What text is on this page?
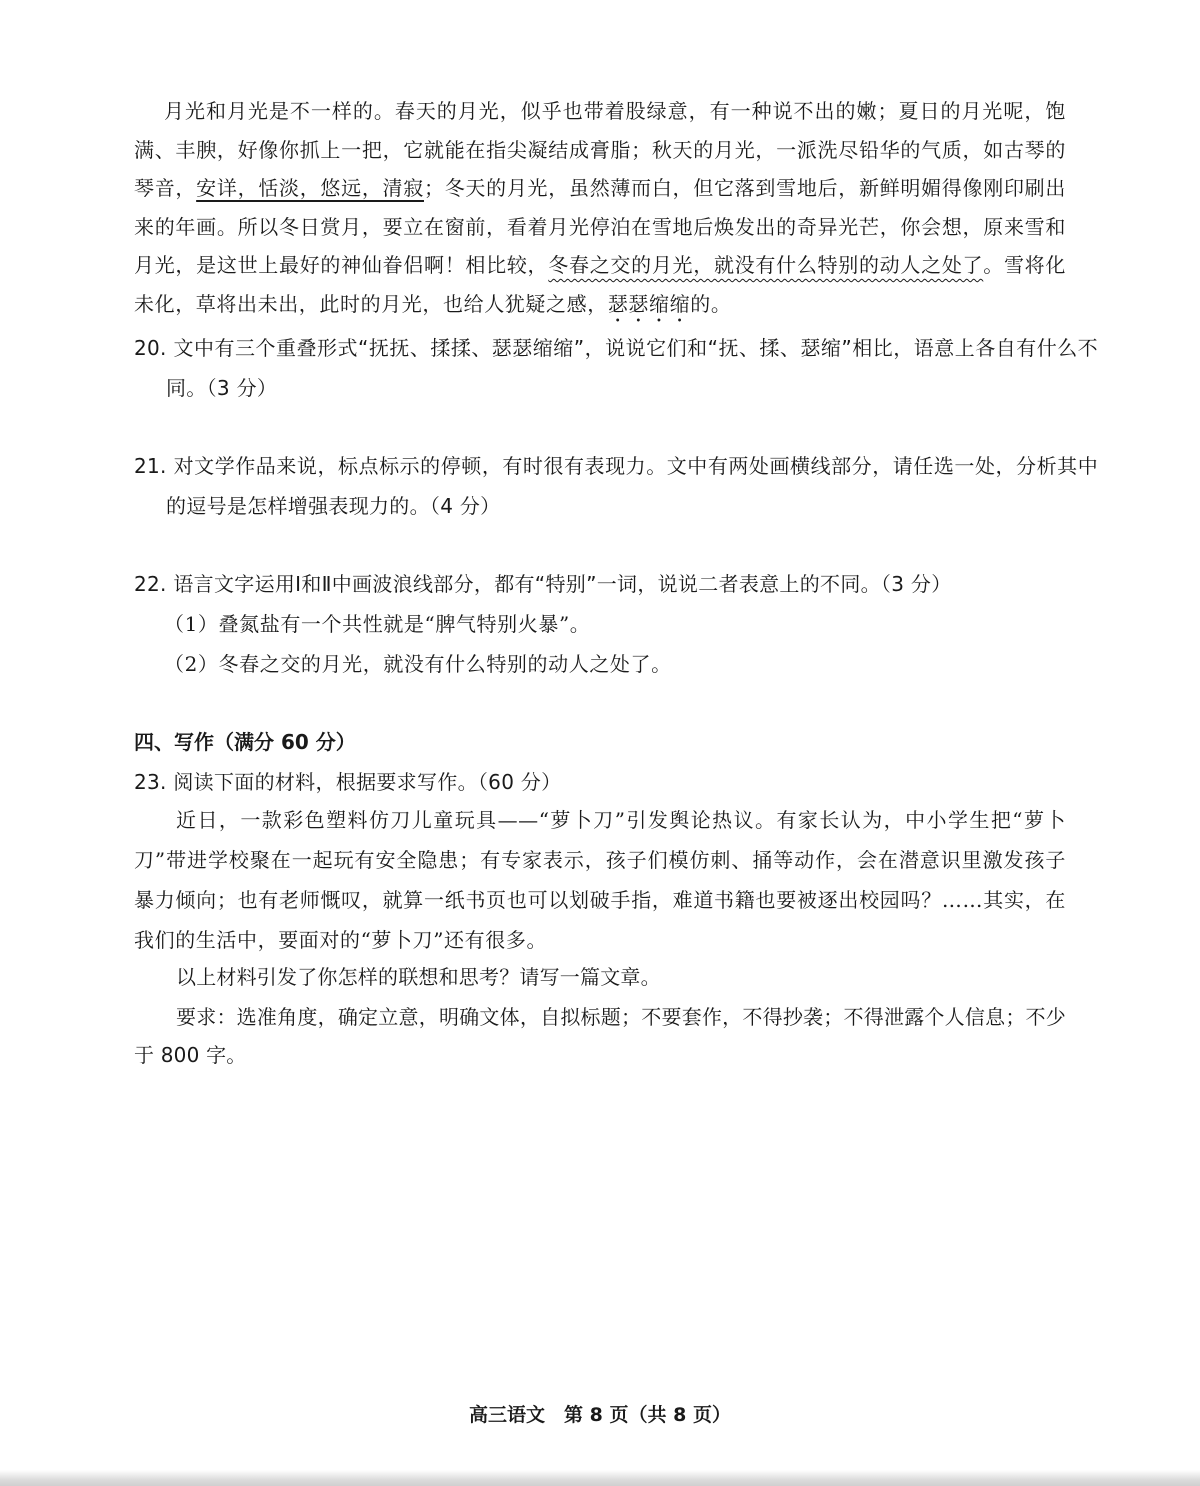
月光和月光是不一样的。春天的月光，似乎也带着股绿意，有一种说不出的嫩；夏日的月光呢，饱满、丰腴，好像你抓上一把，它就能在指尖凝结成膏脂；秋天的月光，一派洗尽铅华的气质，如古琴的琴音，安详，恬淡，悠远，清寂；冬天的月光，虽然薄而白，但它落到雪地后，新鲜明媚得像刚印刷出来的年画。所以冬日赏月，要立在窗前，看着月光停泊在雪地后焕发出的奇异光芒，你会想，原来雪和月光，是这世上最好的神仙眷侣啊！相比较，冬春之交的月光，就没有什么特别的动人之处了。雪将化未化，草将出未出，此时的月光，也给人犹疑之感，瑟瑟缩缩的。
20. 文中有三个重叠形式“抚抚、揉揉、瑟瑟缩缩”，说说它们和“抚、揉、瑟缩”相比，语意上各自有什么不同。（3 分）
21. 对文学作品来说，标点标示的停顿，有时很有表现力。文中有两处画横线部分，请任选一处，分析其中的逗号是怎样增强表现力的。（4 分）
22. 语言文字运用Ⅰ和Ⅱ中画波浪线部分，都有“特别”一词，说说二者表意上的不同。（3 分）
（1）叠氮盐有一个共性就是“脾气特别火暴”。
（2）冬春之交的月光，就没有什么特别的动人之处了。
四、写作（满分 60 分）
23. 阅读下面的材料，根据要求写作。（60 分）
近日，一款彩色塑料仿刀儿童玩具——“萝卜刀”引发舆论热议。有家长认为，中小学生把“萝卜刀”带进学校聚在一起玩有安全隐患；有专家表示，孩子们模仿刺、捅等动作，会在潜意识里激发孩子暴力倾向；也有老师慨叹，就算一纸书页也可以划破手指，难道书籍也要被逐出校园吗？……其实，在我们的生活中，要面对的“萝卜刀”还有很多。
以上材料引发了你怎样的联想和思考？请写一篇文章。
要求：选准角度，确定立意，明确文体，自拟标题；不要套作，不得抄袭；不得泄露个人信息；不少于 800 字。
高三语文　第 8 页（共 8 页）
